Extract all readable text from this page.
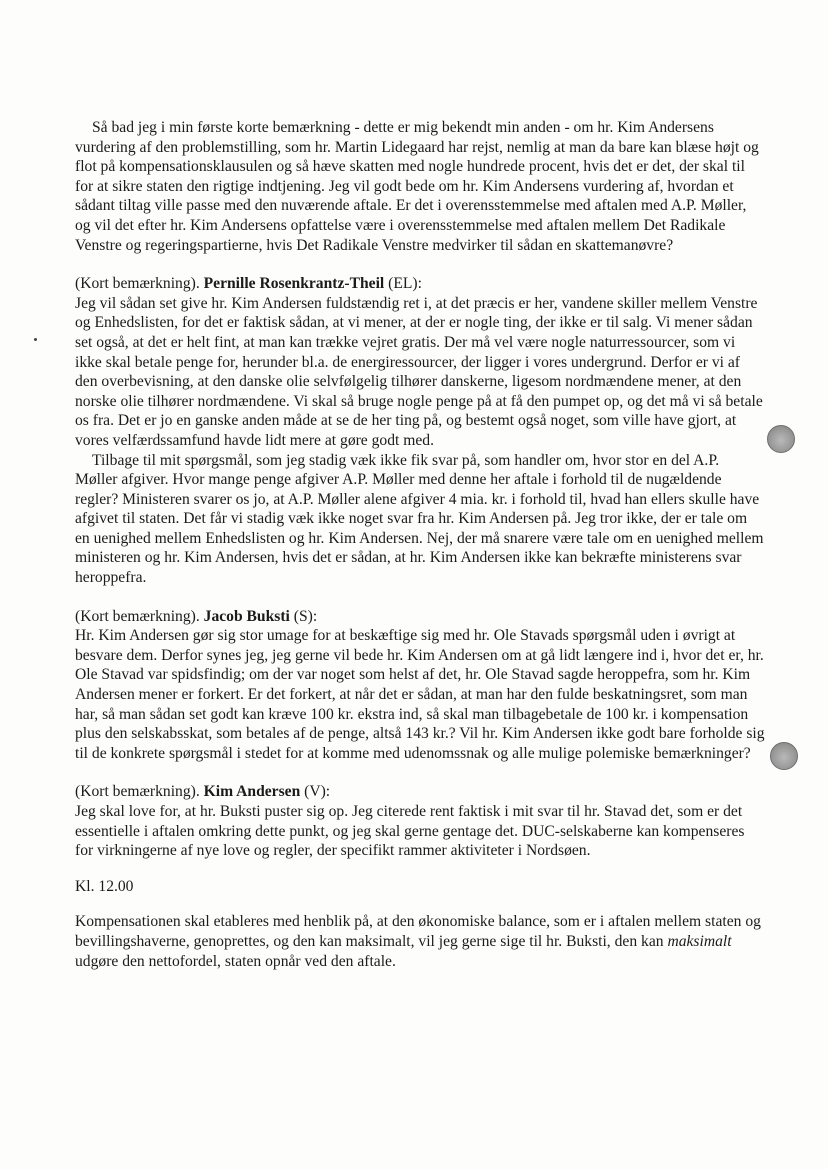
Så bad jeg i min første korte bemærkning - dette er mig bekendt min anden - om hr. Kim Andersens vurdering af den problemstilling, som hr. Martin Lidegaard har rejst, nemlig at man da bare kan blæse højt og flot på kompensationsklausulen og så hæve skatten med nogle hundrede procent, hvis det er det, der skal til for at sikre staten den rigtige indtjening. Jeg vil godt bede om hr. Kim Andersens vurdering af, hvordan et sådant tiltag ville passe med den nuværende aftale. Er det i overensstemmelse med aftalen med A.P. Møller, og vil det efter hr. Kim Andersens opfattelse være i overensstemmelse med aftalen mellem Det Radikale Venstre og regeringspartierne, hvis Det Radikale Venstre medvirker til sådan en skattemanøvre?

(Kort bemærkning). Pernille Rosenkrantz-Theil (EL):

Jeg vil sådan set give hr. Kim Andersen fuldstændig ret i, at det præcis er her, vandene skiller mellem Venstre og Enhedslisten, for det er faktisk sådan, at vi mener, at der er nogle ting, der ikke er til salg. Vi mener sådan set også, at det er helt fint, at man kan trække vejret gratis. Der må vel være nogle naturressourcer, som vi ikke skal betale penge for, herunder bl.a. de energiressourcer, der ligger i vores undergrund. Derfor er vi af den overbevisning, at den danske olie selvfølgelig tilhører danskerne, ligesom nordmændene mener, at den norske olie tilhører nordmændene. Vi skal så bruge nogle penge på at få den pumpet op, og det må vi så betale os fra. Det er jo en ganske anden måde at se de her ting på, og bestemt også noget, som ville have gjort, at vores velfærdssamfund havde lidt mere at gøre godt med.

Tilbage til mit spørgsmål, som jeg stadig væk ikke fik svar på, som handler om, hvor stor en del A.P. Møller afgiver. Hvor mange penge afgiver A.P. Møller med denne her aftale i forhold til de nugældende regler? Ministeren svarer os jo, at A.P. Møller alene afgiver 4 mia. kr. i forhold til, hvad han ellers skulle have afgivet til staten. Det får vi stadig væk ikke noget svar fra hr. Kim Andersen på. Jeg tror ikke, der er tale om en uenighed mellem Enhedslisten og hr. Kim Andersen. Nej, der må snarere være tale om en uenighed mellem ministeren og hr. Kim Andersen, hvis det er sådan, at hr. Kim Andersen ikke kan bekræfte ministerens svar heroppefra.

(Kort bemærkning). Jacob Buksti (S):

Hr. Kim Andersen gør sig stor umage for at beskæftige sig med hr. Ole Stavads spørgsmål uden i øvrigt at besvare dem. Derfor synes jeg, jeg gerne vil bede hr. Kim Andersen om at gå lidt længere ind i, hvor det er, hr. Ole Stavad var spidsfindig; om der var noget som helst af det, hr. Ole Stavad sagde heroppefra, som hr. Kim Andersen mener er forkert. Er det forkert, at når det er sådan, at man har den fulde beskatningsret, som man har, så man sådan set godt kan kræve 100 kr. ekstra ind, så skal man tilbagebetale de 100 kr. i kompensation plus den selskabsskat, som betales af de penge, altså 143 kr.? Vil hr. Kim Andersen ikke godt bare forholde sig til de konkrete spørgsmål i stedet for at komme med udenomssnak og alle mulige polemiske bemærkninger?

(Kort bemærkning). Kim Andersen (V):

Jeg skal love for, at hr. Buksti puster sig op. Jeg citerede rent faktisk i mit svar til hr. Stavad det, som er det essentielle i aftalen omkring dette punkt, og jeg skal gerne gentage det. DUC-selskaberne kan kompenseres for virkningerne af nye love og regler, der specifikt rammer aktiviteter i Nordsøen.

Kl. 12.00

Kompensationen skal etableres med henblik på, at den økonomiske balance, som er i aftalen mellem staten og bevillingshaverne, genoprettes, og den kan maksimalt, vil jeg gerne sige til hr. Buksti, den kan maksimalt udgøre den nettofordel, staten opnår ved den aftale.
